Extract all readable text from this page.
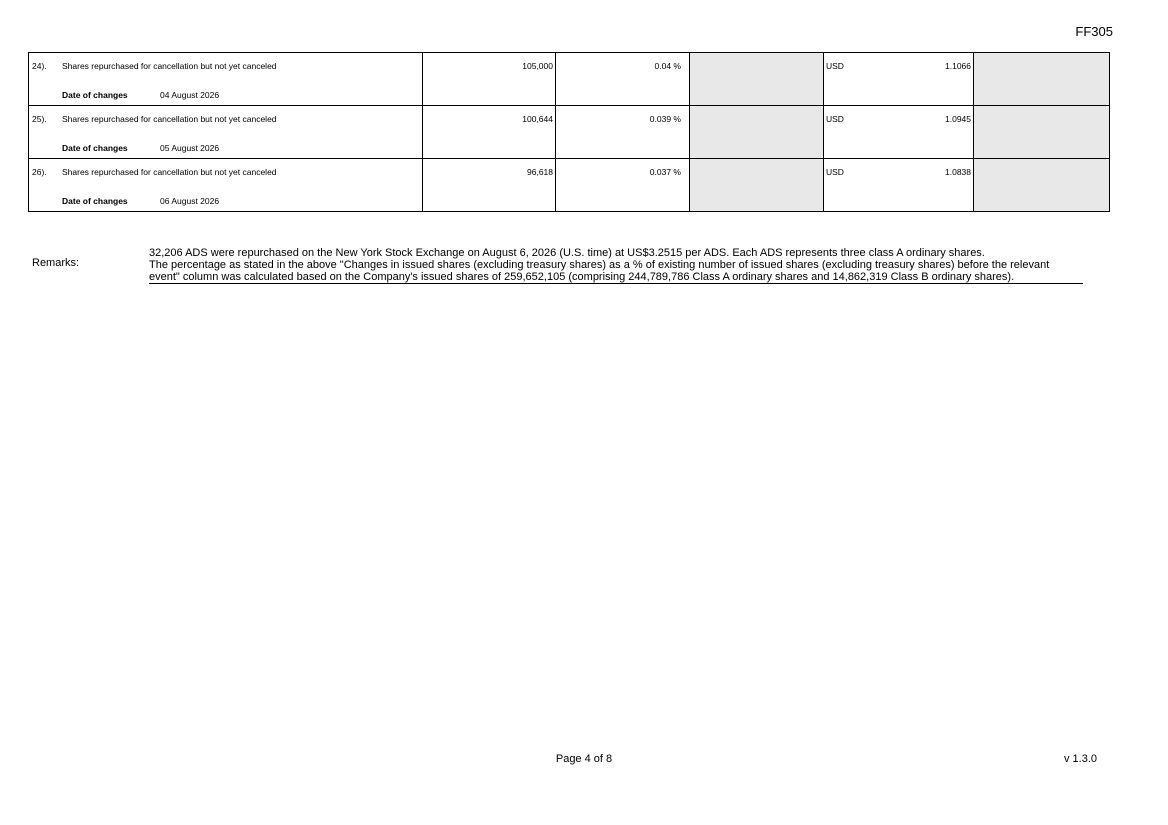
FF305
24). Shares repurchased for cancellation but not yet canceled
Date of changes 04 August 2026	105,000	0.04 %		USD 1.1066	

25). Shares repurchased for cancellation but not yet canceled
Date of changes 05 August 2026	100,644	0.039 %		USD 1.0945	

26). Shares repurchased for cancellation but not yet canceled
Date of changes 06 August 2026	96,618	0.037 %		USD 1.0838	

Remarks:

32,206 ADS were repurchased on the New York Stock Exchange on August 6, 2026 (U.S. time) at US$3.2515 per ADS. Each ADS represents three class A ordinary shares.

The percentage as stated in the above "Changes in issued shares (excluding treasury shares) as a % of existing number of issued shares (excluding treasury shares) before the relevant event" column was calculated based on the Company's issued shares of 259,652,105 (comprising 244,789,786 Class A ordinary shares and 14,862,319 Class B ordinary shares).

Page 4 of 8	v 1.3.0
